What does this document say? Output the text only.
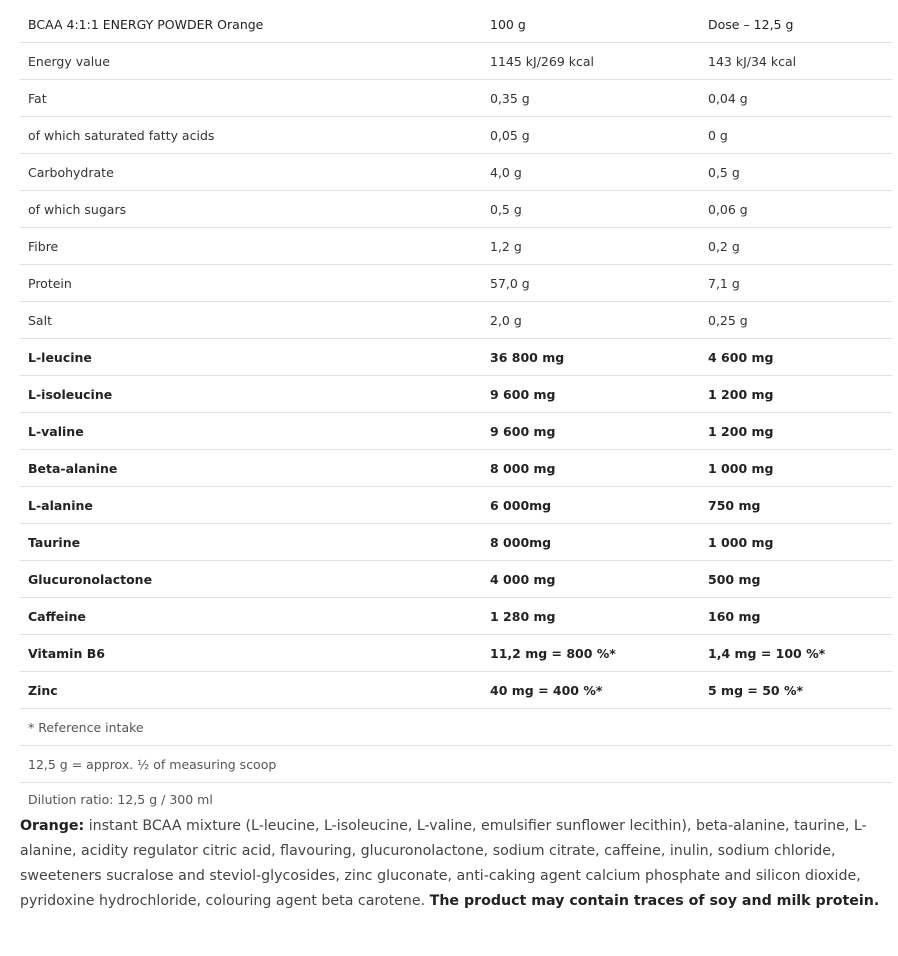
BCAA 4:1:1 ENERGY POWDER Orange	100 g	Dose – 12,5 g
Energy value	1145 kJ/269 kcal	143 kJ/34 kcal
Fat	0,35 g	0,04 g
of which saturated fatty acids	0,05 g	0 g
Carbohydrate	4,0 g	0,5 g
of which sugars	0,5 g	0,06 g
Fibre	1,2 g	0,2 g
Protein	57,0 g	7,1 g
Salt	2,0 g	0,25 g
L-leucine	36 800 mg	4 600 mg
L-isoleucine	9 600 mg	1 200 mg
L-valine	9 600 mg	1 200 mg
Beta-alanine	8 000 mg	1 000 mg
L-alanine	6 000mg	750 mg
Taurine	8 000mg	1 000 mg
Glucuronolactone	4 000 mg	500 mg
Caffeine	1 280 mg	160 mg
Vitamin B6	11,2 mg = 800 %*	1,4 mg = 100 %*
Zinc	40 mg = 400 %*	5 mg = 50 %*
* Reference intake
12,5 g = approx. ½ of measuring scoop
Dilution ratio: 12,5 g / 300 ml
Orange: instant BCAA mixture (L-leucine, L-isoleucine, L-valine, emulsifier sunflower lecithin), beta-alanine, taurine, L-alanine, acidity regulator citric acid, flavouring, glucuronolactone, sodium citrate, caffeine, inulin, sodium chloride, sweeteners sucralose and steviol-glycosides, zinc gluconate, anti-caking agent calcium phosphate and silicon dioxide, pyridoxine hydrochloride, colouring agent beta carotene. The product may contain traces of soy and milk protein.
